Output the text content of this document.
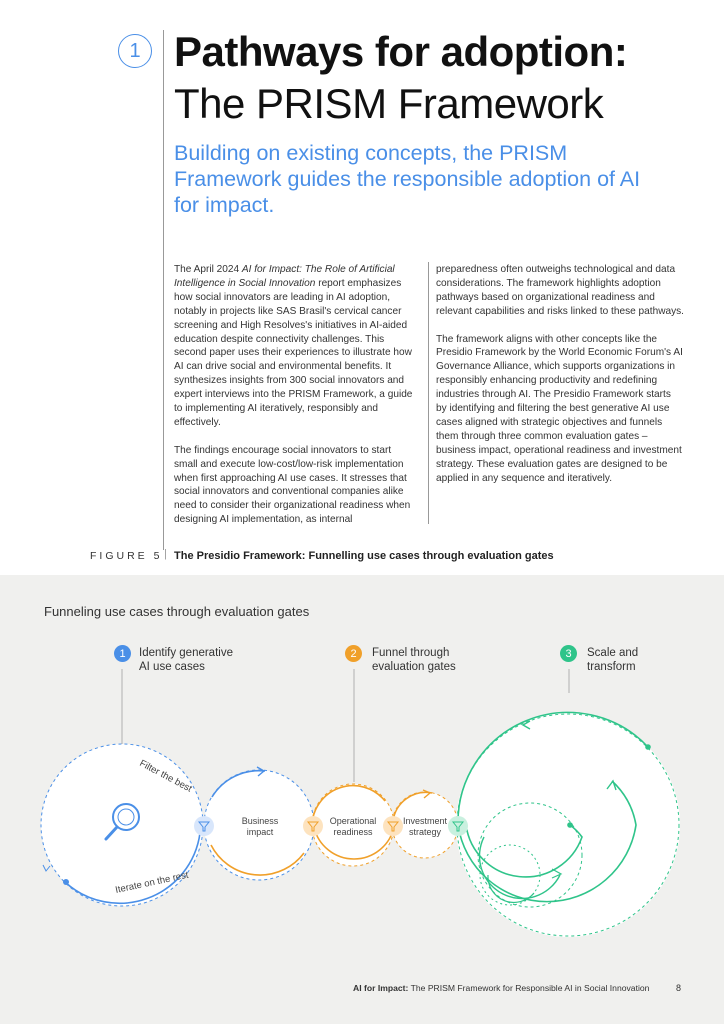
1 Pathways for adoption:
The PRISM Framework
Building on existing concepts, the PRISM Framework guides the responsible adoption of AI for impact.

The April 2024 AI for Impact: The Role of Artificial Intelligence in Social Innovation report emphasizes how social innovators are leading in AI adoption, notably in projects like SAS Brasil's cervical cancer screening and High Resolves's initiatives in AI-aided education despite connectivity challenges. This second paper uses their experiences to illustrate how AI can drive social and environmental benefits. It synthesizes insights from 300 social innovators and expert interviews into the PRISM Framework, a guide to implementing AI iteratively, responsibly and effectively.

The findings encourage social innovators to start small and execute low-cost/low-risk implementation when first approaching AI use cases. It stresses that social innovators and conventional companies alike need to consider their organizational readiness when designing AI implementation, as internal

preparedness often outweighs technological and data considerations. The framework highlights adoption pathways based on organizational readiness and relevant capabilities and risks linked to these pathways.

The framework aligns with other concepts like the Presidio Framework by the World Economic Forum's AI Governance Alliance, which supports organizations in responsibly enhancing productivity and redefining industries through AI. The Presidio Framework starts by identifying and filtering the best generative AI use cases aligned with strategic objectives and funnels them through three common evaluation gates – business impact, operational readiness and investment strategy. These evaluation gates are designed to be applied in any sequence and iteratively.

FIGURE 5 | The Presidio Framework: Funnelling use cases through evaluation gates
Funneling use cases through evaluation gates
Filter the best
Iterate on the rest
Business
impact
Operational
readiness
Investment
strategy
1	Identify generative
AI use cases
2	Funnel through
evaluation gates
3	Scale and
transform
AI for Impact: The PRISM Framework for Responsible AI in Social Innovation	8
